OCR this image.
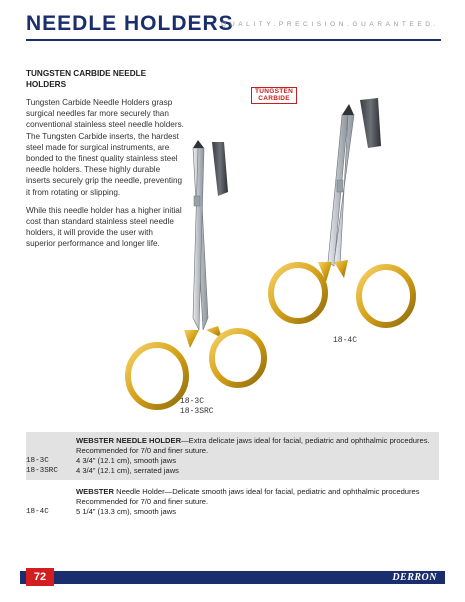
NEEDLE HOLDERS
QUALITY.PRECISION.GUARANTEED.
TUNGSTEN CARBIDE NEEDLE HOLDERS

Tungsten Carbide Needle Holders grasp surgical needles far more securely than conventional stainless steel needle holders. The Tungsten Carbide inserts, the hardest steel made for surgical instruments, are bonded to the finest quality stainless steel needle holders. These highly durable inserts securely grip the needle, preventing it from rotating or slipping.

While this needle holder has a higher initial cost than standard stainless steel needle holders, it will provide the user with superior performance and longer life.

TUNGSTEN
CARBIDE
18-3C
18-3SRC
18-4C
WEBSTER NEEDLE HOLDER—Extra delicate jaws ideal for facial, pediatric and ophthalmic procedures. Recommended for 7/0 and finer suture.
18-3C	4 3/4” (12.1 cm), smooth jaws
18-3SRC 4 3/4” (12.1 cm), serrated jaws
WEBSTER Needle Holder—Delicate smooth jaws ideal for facial, pediatric and ophthalmic procedures Recommended for 7/0 and finer suture.
18-4C	5 1/4” (13.3 cm), smooth jaws
72	DERRON
